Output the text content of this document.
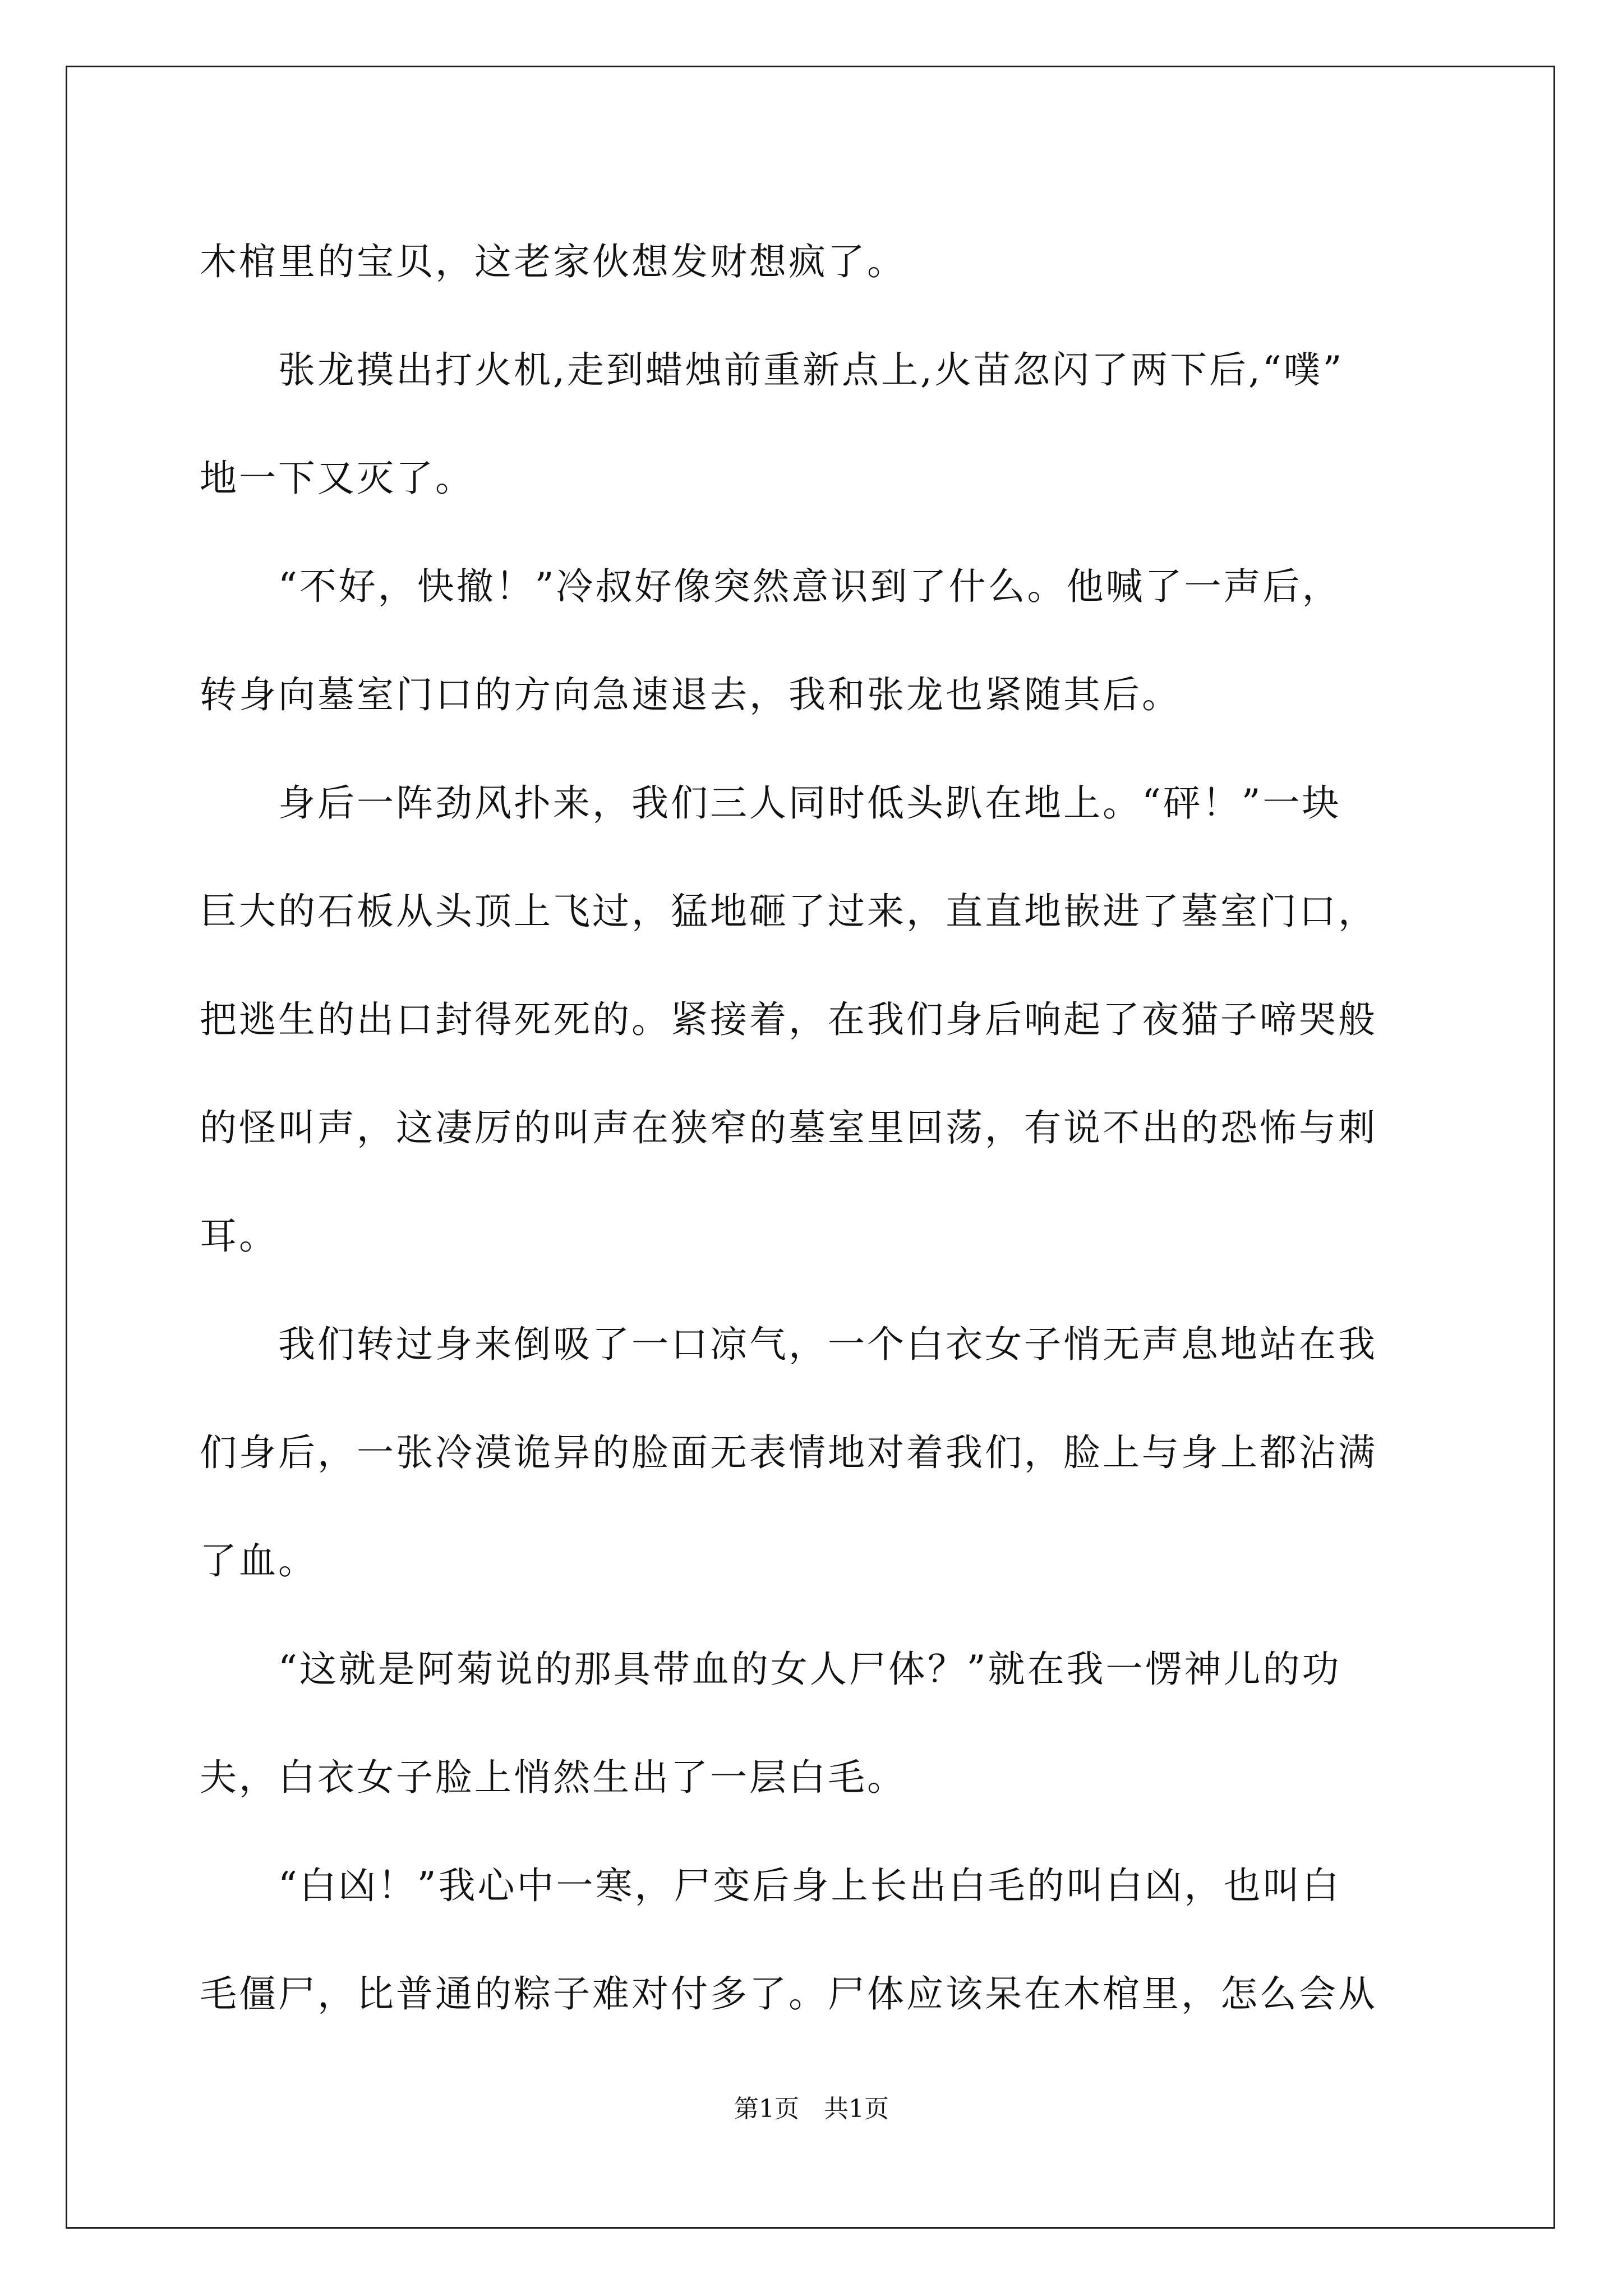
木棺里的宝贝，这老家伙想发财想疯了。
　　张龙摸出打火机,走到蜡烛前重新点上,火苗忽闪了两下后,“噗”
地一下又灭了。
　　“不好，快撤！”冷叔好像突然意识到了什么。他喊了一声后，
转身向墓室门口的方向急速退去，我和张龙也紧随其后。
　　身后一阵劲风扑来，我们三人同时低头趴在地上。“砰！”一块
巨大的石板从头顶上飞过，猛地砸了过来，直直地嵌进了墓室门口，
把逃生的出口封得死死的。紧接着，在我们身后响起了夜猫子啼哭般
的怪叫声，这凄厉的叫声在狭窄的墓室里回荡，有说不出的恐怖与刺
耳。
　　我们转过身来倒吸了一口凉气，一个白衣女子悄无声息地站在我
们身后，一张冷漠诡异的脸面无表情地对着我们，脸上与身上都沾满
了血。
　　“这就是阿菊说的那具带血的女人尸体？”就在我一愣神儿的功
夫，白衣女子脸上悄然生出了一层白毛。
　　“白凶！”我心中一寒，尸变后身上长出白毛的叫白凶，也叫白
毛僵尸，比普通的粽子难对付多了。尸体应该呆在木棺里，怎么会从
第1页　共1页
